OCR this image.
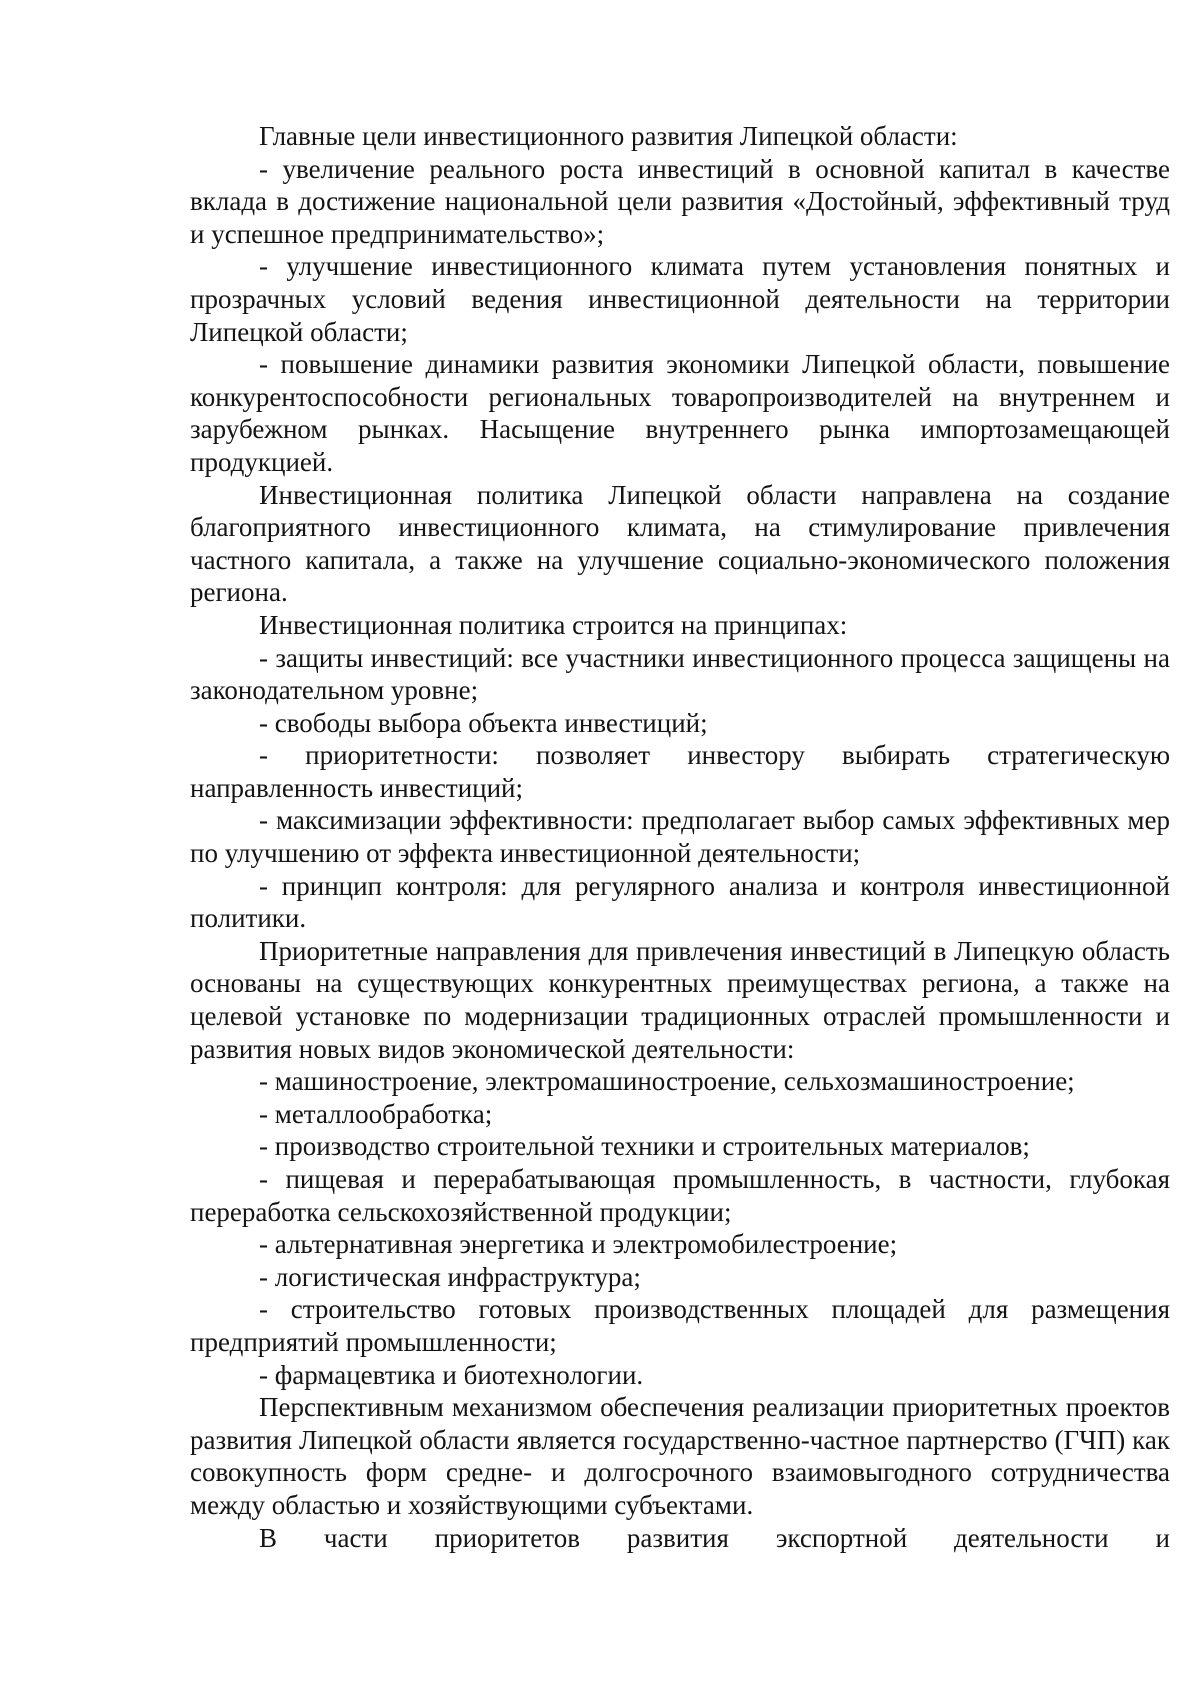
Главные цели инвестиционного развития Липецкой области:

- увеличение реального роста инвестиций в основной капитал в качестве вклада в достижение национальной цели развития «Достойный, эффективный труд и успешное предпринимательство»;

- улучшение инвестиционного климата путем установления понятных и прозрачных условий ведения инвестиционной деятельности на территории Липецкой области;

- повышение динамики развития экономики Липецкой области, повышение конкурентоспособности региональных товаропроизводителей на внутреннем и зарубежном рынках. Насыщение внутреннего рынка импортозамещающей продукцией.

Инвестиционная политика Липецкой области направлена на создание благоприятного инвестиционного климата, на стимулирование привлечения частного капитала, а также на улучшение социально-экономического положения региона.

Инвестиционная политика строится на принципах:

- защиты инвестиций: все участники инвестиционного процесса защищены на законодательном уровне;

- свободы выбора объекта инвестиций;

- приоритетности: позволяет инвестору выбирать стратегическую направленность инвестиций;

- максимизации эффективности: предполагает выбор самых эффективных мер по улучшению от эффекта инвестиционной деятельности;

- принцип контроля: для регулярного анализа и контроля инвестиционной политики.

Приоритетные направления для привлечения инвестиций в Липецкую область основаны на существующих конкурентных преимуществах региона, а также на целевой установке по модернизации традиционных отраслей промышленности и развития новых видов экономической деятельности:

- машиностроение, электромашиностроение, сельхозмашиностроение;

- металлообработка;

- производство строительной техники и строительных материалов;

- пищевая и перерабатывающая промышленность, в частности, глубокая переработка сельскохозяйственной продукции;

- альтернативная энергетика и электромобилестроение;

- логистическая инфраструктура;

- строительство готовых производственных площадей для размещения предприятий промышленности;

- фармацевтика и биотехнологии.

Перспективным механизмом обеспечения реализации приоритетных проектов развития Липецкой области является государственно-частное партнерство (ГЧП) как совокупность форм средне- и долгосрочного взаимовыгодного сотрудничества между областью и хозяйствующими субъектами.

В части приоритетов развития экспортной деятельности и
